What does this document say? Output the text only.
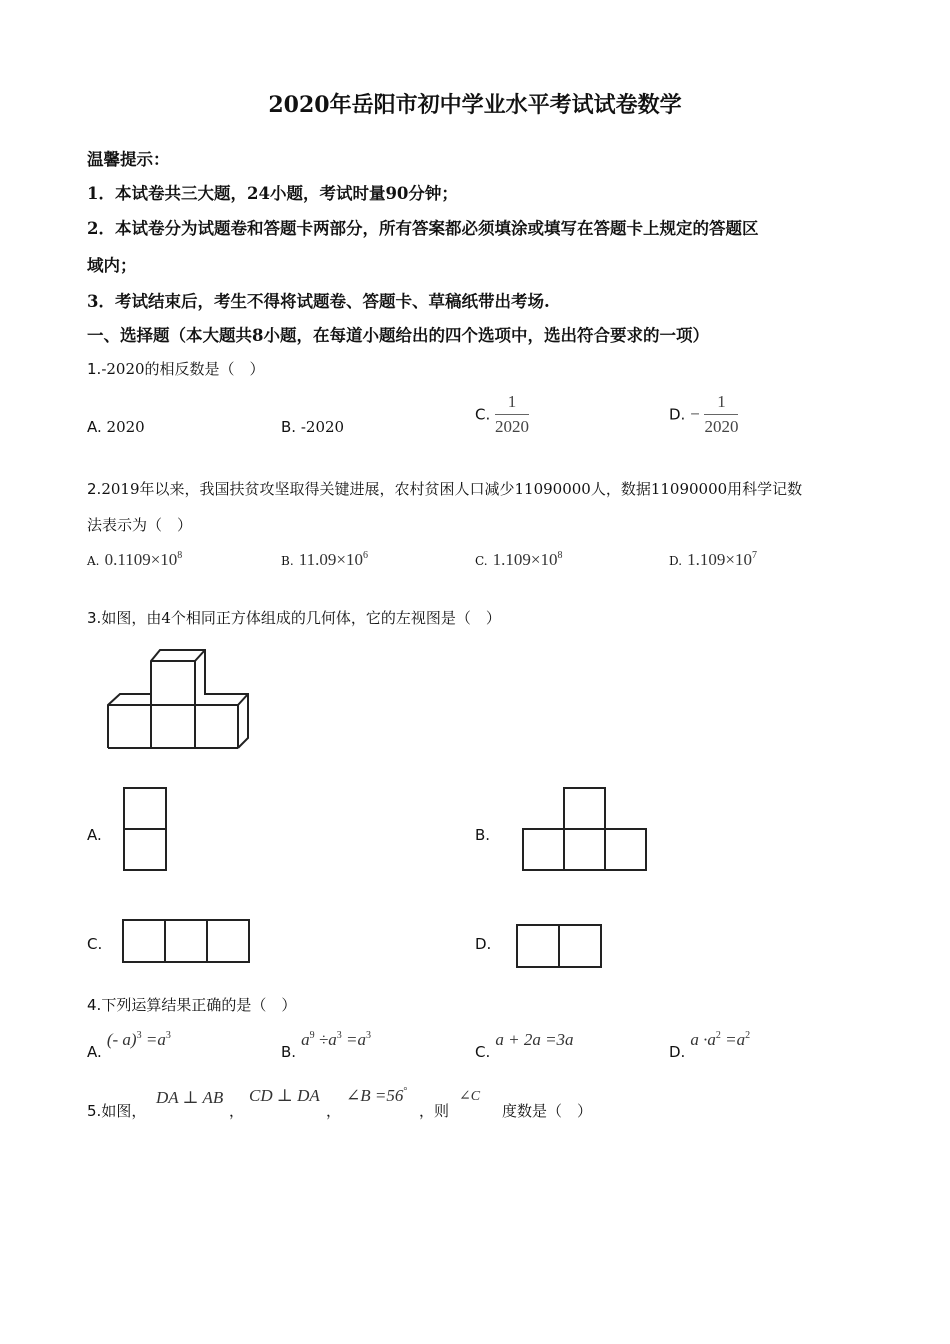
2020年岳阳市初中学业水平考试试卷数学
温馨提示：
1．本试卷共三大题，24小题，考试时量90分钟；
2．本试卷分为试题卷和答题卡两部分，所有答案都必须填涂或填写在答题卡上规定的答题区
域内；
3．考试结束后，考生不得将试题卷、答题卡、草稿纸带出考场.
一、选择题（本大题共8小题，在每道小题给出的四个选项中，选出符合要求的一项）
1.-2020的相反数是（　）
A. 2020	B. -2020
C. $\frac{1}{2020}$	D. − $\frac{1}{2020}$
2.2019年以来，我国扶贫攻坚取得关键进展，农村贫困人口减少11090000人，数据11090000用科学记数
法表示为（　）
A. $0.1109\times 10^8$	B. $11.09\times 10^6$	C. $1.109\times 10^8$	D. $1.109\times 10^7$
3.如图，由4个相同正方体组成的几何体，它的左视图是（　）
A.	B.
C.	D.
4.下列运算结果正确的是（　）
A. (- $a)^3 =a^3$
B. $a^9 \div a^3 =a^3$
C. a + 2a =3a
D. $a \cdot a^2 =a^2$
5.如图，
DA ⊥ AB
，
CD ⊥ DA
，
∠B =56°
，则
∠C
度数是（　）
